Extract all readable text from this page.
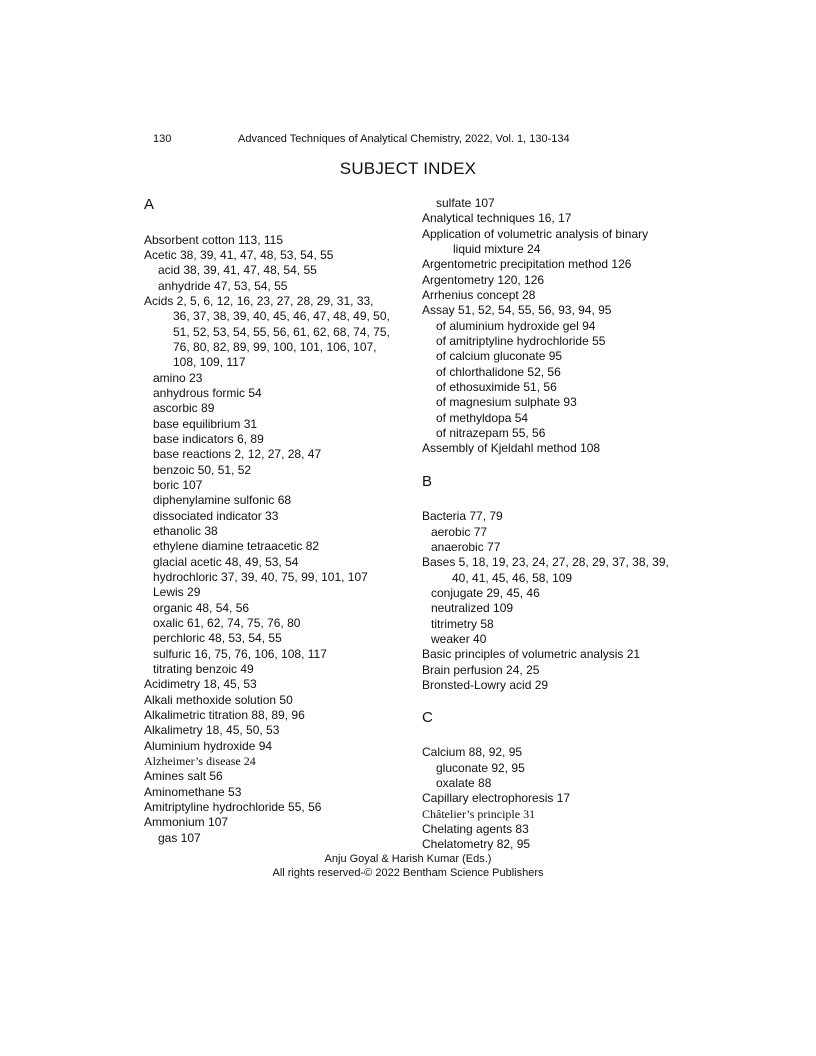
130	Advanced Techniques of Analytical Chemistry, 2022, Vol. 1, 130-134
SUBJECT INDEX
A
Absorbent cotton 113, 115
Acetic 38, 39, 41, 47, 48, 53, 54, 55
acid 38, 39, 41, 47, 48, 54, 55
anhydride 47, 53, 54, 55
Acids 2, 5, 6, 12, 16, 23, 27, 28, 29, 31, 33,
36, 37, 38, 39, 40, 45, 46, 47, 48, 49, 50,
51, 52, 53, 54, 55, 56, 61, 62, 68, 74, 75,
76, 80, 82, 89, 99, 100, 101, 106, 107,
108, 109, 117
amino 23
anhydrous formic 54
ascorbic 89
base equilibrium 31
base indicators 6, 89
base reactions 2, 12, 27, 28, 47
benzoic 50, 51, 52
boric 107
diphenylamine sulfonic 68
dissociated indicator 33
ethanolic 38
ethylene diamine tetraacetic 82
glacial acetic 48, 49, 53, 54
hydrochloric 37, 39, 40, 75, 99, 101, 107
Lewis 29
organic 48, 54, 56
oxalic 61, 62, 74, 75, 76, 80
perchloric 48, 53, 54, 55
sulfuric 16, 75, 76, 106, 108, 117
titrating benzoic 49
Acidimetry 18, 45, 53
Alkali methoxide solution 50
Alkalimetric titration 88, 89, 96
Alkalimetry 18, 45, 50, 53
Aluminium hydroxide 94
Alzheimer’s disease 24
Amines salt 56
Aminomethane 53
Amitriptyline hydrochloride 55, 56
Ammonium 107
gas 107
sulfate 107
Analytical techniques 16, 17
Application of volumetric analysis of binary
liquid mixture 24
Argentometric precipitation method 126
Argentometry 120, 126
Arrhenius concept 28
Assay 51, 52, 54, 55, 56, 93, 94, 95
of aluminium hydroxide gel 94
of amitriptyline hydrochloride 55
of calcium gluconate 95
of chlorthalidone 52, 56
of ethosuximide 51, 56
of magnesium sulphate 93
of methyldopa 54
of nitrazepam 55, 56
Assembly of Kjeldahl method 108
B
Bacteria 77, 79
aerobic 77
anaerobic 77
Bases 5, 18, 19, 23, 24, 27, 28, 29, 37, 38, 39,
40, 41, 45, 46, 58, 109
conjugate 29, 45, 46
neutralized 109
titrimetry 58
weaker 40
Basic principles of volumetric analysis 21
Brain perfusion 24, 25
Bronsted-Lowry acid 29
C
Calcium 88, 92, 95
gluconate 92, 95
oxalate 88
Capillary electrophoresis 17
Châtelier’s principle 31
Chelating agents 83
Chelatometry 82, 95
Anju Goyal & Harish Kumar (Eds.)
All rights reserved-© 2022 Bentham Science Publishers
